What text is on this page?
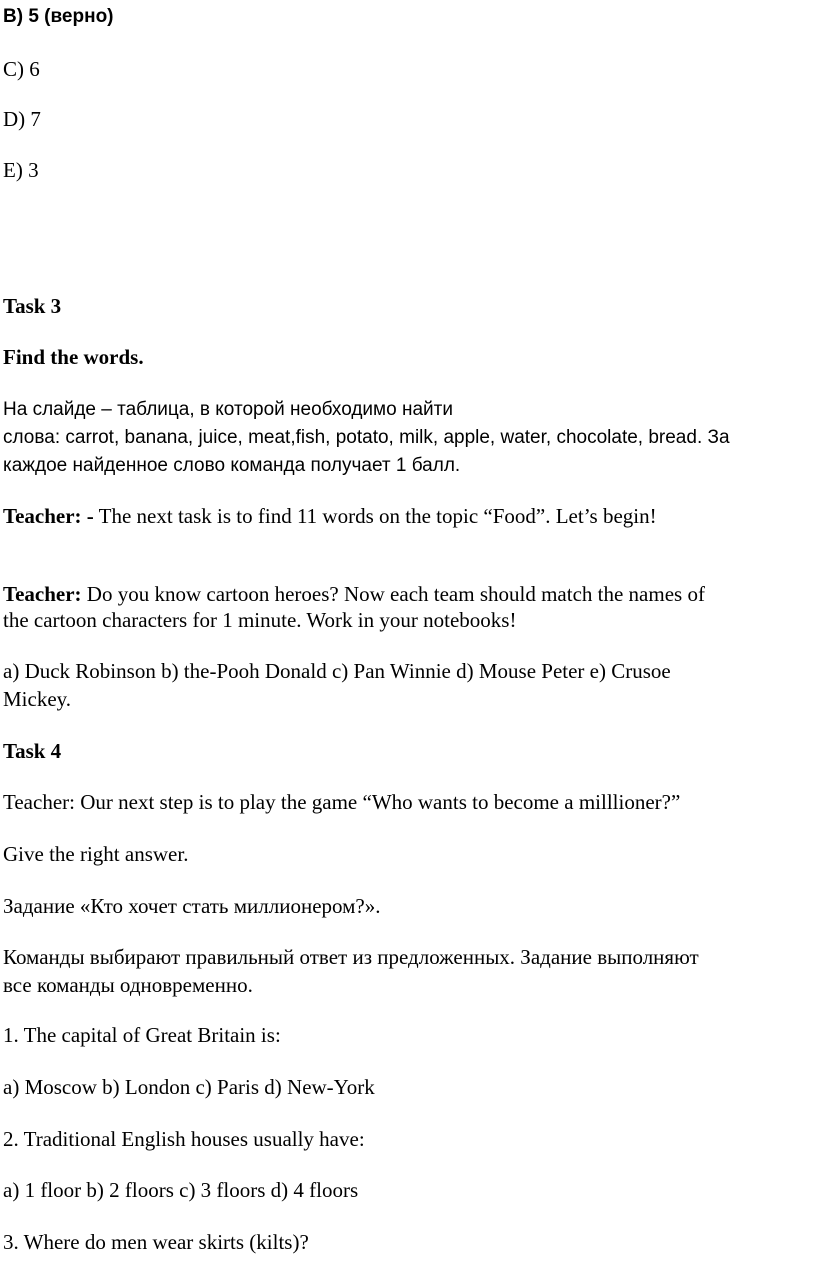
B) 5 (верно)

С) 6

D) 7

E) 3

Task 3

Find the words.

На слайде – таблица, в которой необходимо найти

слова: carrot, banana, juice, meat,fish, potato, milk, apple, water, chocolate, bread. За

каждое найденное слово команда получает 1 балл.

Teacher: - The next task is to find 11 words on the topic “Food”. Let’s begin!

Teacher: Do you know cartoon heroes? Now each team should match the names of

the cartoon characters for 1 minute. Work in your notebooks!

a) Duck Robinson b) the-Pooh Donald c) Pan Winnie d) Mouse Peter e) Crusoe

Mickey.

Task 4

Teacher: Our next step is to play the game “Who wants to become a milllioner?”

Give the right answer.

Задание «Кто хочет стать миллионером?».

Команды выбирают правильный ответ из предложенных. Задание выполняют

все команды одновременно.

1. The capital of Great Britain is:

a) Moscow b) London c) Paris d) New-York

2. Traditional English houses usually have:

a) 1 floor b) 2 floors c) 3 floors d) 4 floors

3. Where do men wear skirts (kilts)?
